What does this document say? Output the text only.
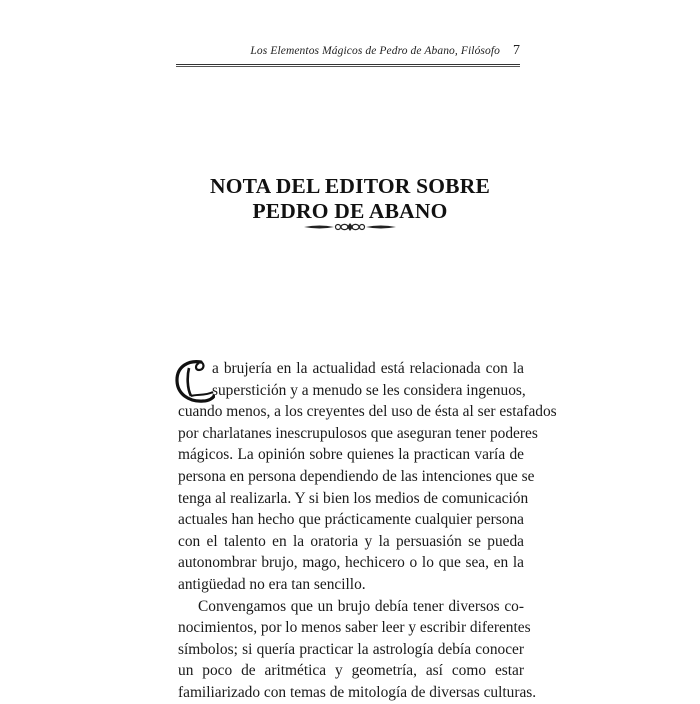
Los Elementos Mágicos de Pedro de Abano, Filósofo 7
NOTA DEL EDITOR SOBRE
PEDRO DE ABANO
a brujería en la actualidad está relacionada con la
superstición y a menudo se les considera ingenuos,
cuando menos, a los creyentes del uso de ésta al ser estafados
por charlatanes inescrupulosos que aseguran tener poderes
mágicos. La opinión sobre quienes la practican varía de
persona en persona dependiendo de las intenciones que se
tenga al realizarla. Y si bien los medios de comunicación
actuales han hecho que prácticamente cualquier persona
con el talento en la oratoria y la persuasión se pueda
autonombrar brujo, mago, hechicero o lo que sea, en la
antigüedad no era tan sencillo.
Convengamos que un brujo debía tener diversos co-
nocimientos, por lo menos saber leer y escribir diferentes
símbolos; si quería practicar la astrología debía conocer
un poco de aritmética y geometría, así como estar
familiarizado con temas de mitología de diversas culturas.
